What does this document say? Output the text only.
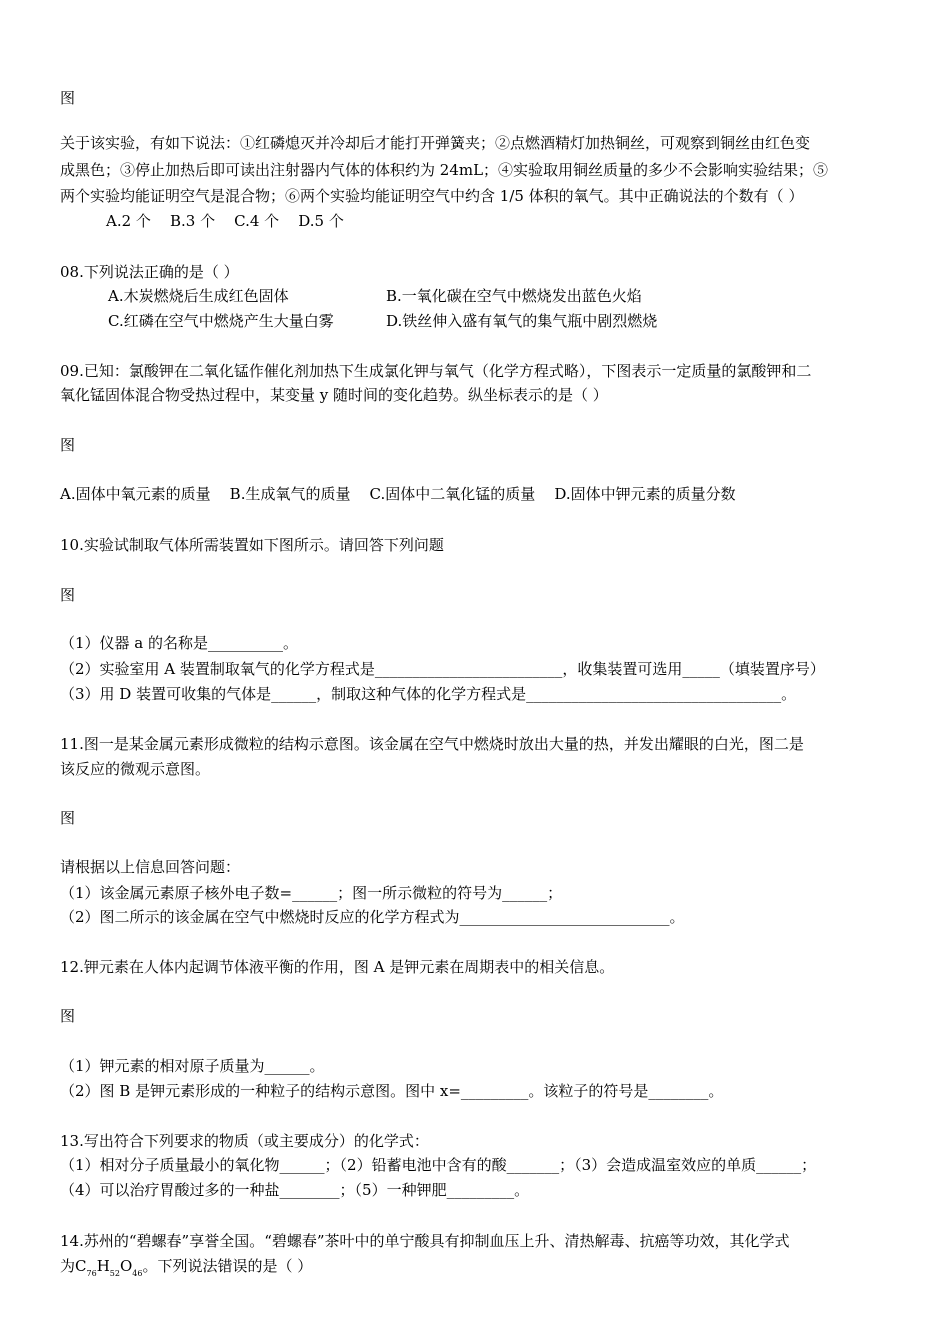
图
关于该实验，有如下说法：①红磷熄灭并冷却后才能打开弹簧夹；②点燃酒精灯加热铜丝，可观察到铜丝由红色变
成黑色；③停止加热后即可读出注射器内气体的体积约为 24mL；④实验取用铜丝质量的多少不会影响实验结果；⑤
两个实验均能证明空气是混合物；⑥两个实验均能证明空气中约含 1/5 体积的氧气。其中正确说法的个数有（ ）
A.2 个    B.3 个    C.4 个    D.5 个
08.下列说法正确的是（ ）
A.木炭燃烧后生成红色固体	B.一氧化碳在空气中燃烧发出蓝色火焰
C.红磷在空气中燃烧产生大量白雾	D.铁丝伸入盛有氧气的集气瓶中剧烈燃烧
09.已知：氯酸钾在二氧化锰作催化剂加热下生成氯化钾与氧气（化学方程式略），下图表示一定质量的氯酸钾和二
氧化锰固体混合物受热过程中，某变量 y 随时间的变化趋势。纵坐标表示的是（ ）
图
A.固体中氧元素的质量    B.生成氧气的质量    C.固体中二氧化锰的质量    D.固体中钾元素的质量分数
10.实验试制取气体所需装置如下图所示。请回答下列问题
图
（1）仪器 a 的名称是__________。
（2）实验室用 A 装置制取氧气的化学方程式是_________________________，收集装置可选用_____（填装置序号）
（3）用 D 装置可收集的气体是______，制取这种气体的化学方程式是__________________________________。
11.图一是某金属元素形成微粒的结构示意图。该金属在空气中燃烧时放出大量的热，并发出耀眼的白光，图二是
该反应的微观示意图。
图
请根据以上信息回答问题：
（1）该金属元素原子核外电子数=______；图一所示微粒的符号为______；
（2）图二所示的该金属在空气中燃烧时反应的化学方程式为____________________________。
12.钾元素在人体内起调节体液平衡的作用，图 A 是钾元素在周期表中的相关信息。
图
（1）钾元素的相对原子质量为______。
（2）图 B 是钾元素形成的一种粒子的结构示意图。图中 x=_________。该粒子的符号是________。
13.写出符合下列要求的物质（或主要成分）的化学式：
（1）相对分子质量最小的氧化物______；（2）铅蓄电池中含有的酸_______；（3）会造成温室效应的单质______；
（4）可以治疗胃酸过多的一种盐________；（5）一种钾肥_________。
14.苏州的“碧螺春”享誉全国。“碧螺春”茶叶中的单宁酸具有抑制血压上升、清热解毒、抗癌等功效，其化学式
为$C_{76}H_{52}O_{46}$。下列说法错误的是（ ）
